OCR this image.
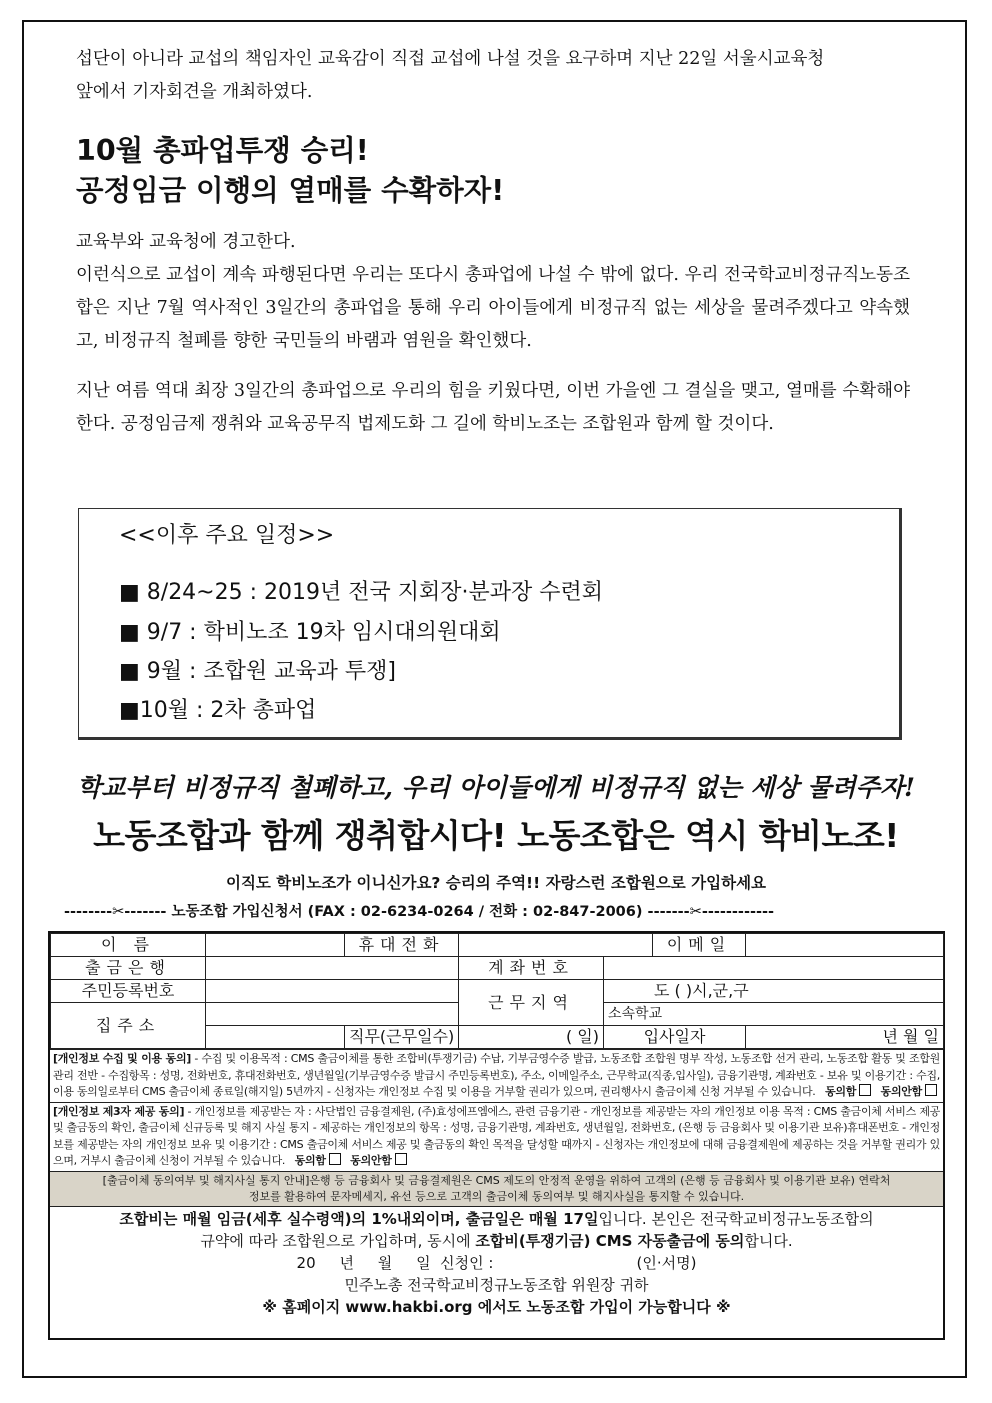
섭단이 아니라 교섭의 책임자인 교육감이 직접 교섭에 나설 것을 요구하며 지난 22일 서울시교육청

앞에서 기자회견을 개최하였다.

10월 총파업투쟁 승리!

공정임금 이행의 열매를 수확하자!

교육부와 교육청에 경고한다.

이런식으로 교섭이 계속 파행된다면 우리는 또다시 총파업에 나설 수 밖에 없다. 우리 전국학교비정규직노동조합은 지난 7월 역사적인 3일간의 총파업을 통해 우리 아이들에게 비정규직 없는 세상을 물려주겠다고 약속했고, 비정규직 철폐를 향한 국민들의 바램과 염원을 확인했다.

지난 여름 역대 최장 3일간의 총파업으로 우리의 힘을 키웠다면, 이번 가을엔 그 결실을 맺고, 열매를 수확해야 한다. 공정임금제 쟁취와 교육공무직 법제도화 그 길에 학비노조는 조합원과 함께 할 것이다.

<<이후 주요 일정>>
■ 8/24~25 : 2019년 전국 지회장·분과장 수련회
■ 9/7 : 학비노조 19차 임시대의원대회
■ 9월 : 조합원 교육과 투쟁]
■10월 : 2차 총파업
학교부터 비정규직 철폐하고, 우리 아이들에게 비정규직 없는 세상 물려주자!
노동조합과 함께 쟁취합시다! 노동조합은 역시 학비노조!
이직도 학비노조가 이니신가요? 승리의 주역!! 자랑스런 조합원으로 가입하세요
--------✂------- 노동조합 가입신청서 (FAX : 02-6234-0264 / 전화 : 02-847-2006) -------✂------------
이 름		휴대전화			이메일	
출금은행			계좌번호			
주민등록번호			근무지역	도 ( )시,군,구		
집주소				소속학교		
		직무(근무일수)	( 일)	입사일자		년 월 일
[개인정보 수집 및 이용 동의] - 수집 및 이용목적 : CMS 출금이체를 통한 조합비(투쟁기금) 수납, 기부금영수증 발급, 노동조합 조합원 명부 작성, 노동조합 선거 관리, 노동조합 활동 및 조합원 관리 전반 - 수집항목 : 성명, 전화번호, 휴대전화번호, 생년월일(기부금영수증 발급시 주민등록번호), 주소, 이메일주소, 근무학교(직종,입사일), 금융기관명, 계좌번호 - 보유 및 이용기간 : 수집, 이용 동의일로부터 CMS 출금이체 종료일(해지일) 5년까지 - 신청자는 개인정보 수집 및 이용을 거부할 권리가 있으며, 권리행사시 출금이체 신청 거부될 수 있습니다. 동의함 동의안함
[개인정보 제3자 제공 동의] - 개인정보를 제공받는 자 : 사단법인 금융결제원, (주)효성에프엠에스, 관련 금융기관 - 개인정보를 제공받는 자의 개인정보 이용 목적 : CMS 출금이체 서비스 제공 및 출금동의 확인, 출금이체 신규등록 및 해지 사실 통지 - 제공하는 개인정보의 항목 : 성명, 금융기관명, 계좌번호, 생년월일, 전화번호, (은행 등 금융회사 및 이용기관 보유)휴대폰번호 - 개인정보를 제공받는 자의 개인정보 보유 및 이용기간 : CMS 출금이체 서비스 제공 및 출금동의 확인 목적을 달성할 때까지 - 신청자는 개인정보에 대해 금융결제원에 제공하는 것을 거부할 권리가 있으며, 거부시 출금이체 신청이 거부될 수 있습니다. 동의함 동의안함
[출금이체 동의여부 및 해지사실 통지 안내]은행 등 금융회사 및 금융결제원은 CMS 제도의 안정적 운영을 위하여 고객의 (은행 등 금융회사 및 이용기관 보유) 연락처
정보를 활용하여 문자메세지, 유선 등으로 고객의 출금이체 동의여부 및 해지사실을 통지할 수 있습니다.
조합비는 매월 임금(세후 실수령액)의 1%내외이며, 출금일은 매월 17일입니다. 본인은 전국학교비정규노동조합의
규약에 따라 조합원으로 가입하며, 동시에 조합비(투쟁기금) CMS 자동출금에 동의합니다.
20     년     월     일  신청인 :                              (인·서명)
민주노총 전국학교비정규노동조합 위원장 귀하
※ 홈페이지 www.hakbi.org 에서도 노동조합 가입이 가능합니다 ※
